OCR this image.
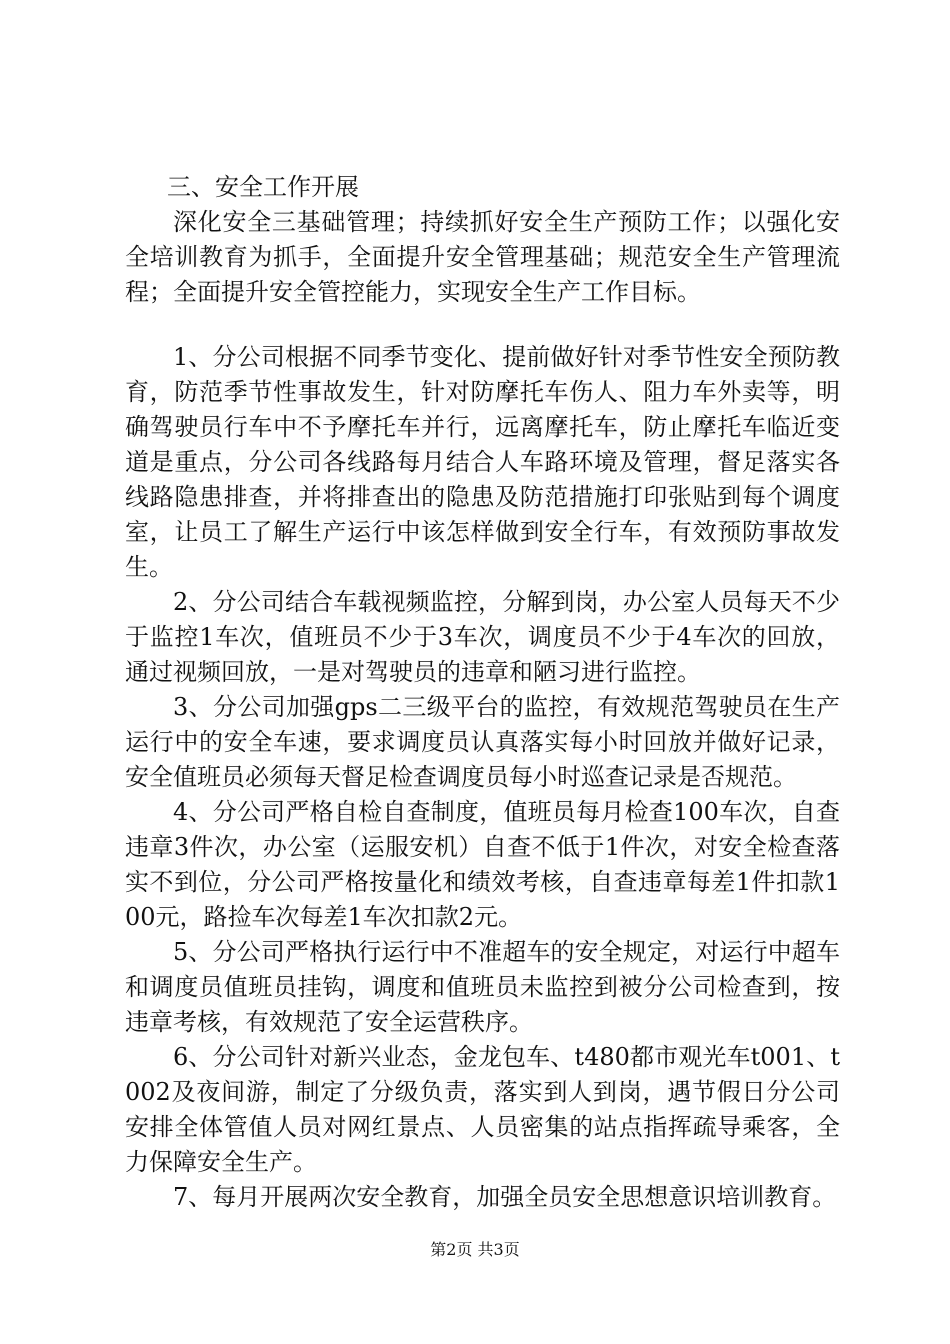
三、安全工作开展

深化安全三基础管理；持续抓好安全生产预防工作；以强化安全培训教育为抓手，全面提升安全管理基础；规范安全生产管理流程；全面提升安全管控能力，实现安全生产工作目标。

1、分公司根据不同季节变化、提前做好针对季节性安全预防教育，防范季节性事故发生，针对防摩托车伤人、阻力车外卖等，明确驾驶员行车中不予摩托车并行，远离摩托车，防止摩托车临近变道是重点，分公司各线路每月结合人车路环境及管理，督足落实各线路隐患排查，并将排查出的隐患及防范措施打印张贴到每个调度室，让员工了解生产运行中该怎样做到安全行车，有效预防事故发生。

2、分公司结合车载视频监控，分解到岗，办公室人员每天不少于监控1车次，值班员不少于3车次，调度员不少于4车次的回放，通过视频回放，一是对驾驶员的违章和陋习进行监控。

3、分公司加强gps二三级平台的监控，有效规范驾驶员在生产运行中的安全车速，要求调度员认真落实每小时回放并做好记录，安全值班员必须每天督足检查调度员每小时巡查记录是否规范。

4、分公司严格自检自查制度，值班员每月检查100车次，自查违章3件次，办公室（运服安机）自查不低于1件次，对安全检查落实不到位，分公司严格按量化和绩效考核，自查违章每差1件扣款100元，路捡车次每差1车次扣款2元。

5、分公司严格执行运行中不准超车的安全规定，对运行中超车和调度员值班员挂钩，调度和值班员未监控到被分公司检查到，按违章考核，有效规范了安全运营秩序。

6、分公司针对新兴业态，金龙包车、t480都市观光车t001、t002及夜间游，制定了分级负责，落实到人到岗，遇节假日分公司安排全体管值人员对网红景点、人员密集的站点指挥疏导乘客，全力保障安全生产。

7、每月开展两次安全教育，加强全员安全思想意识培训教育。

第2页 共3页
